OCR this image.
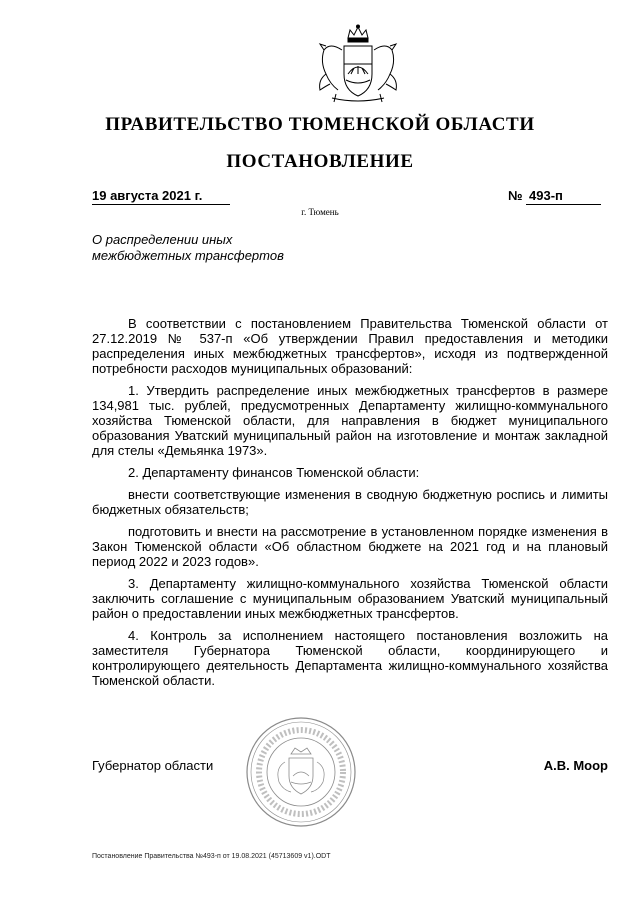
ПРАВИТЕЛЬСТВО ТЮМЕНСКОЙ ОБЛАСТИ
ПОСТАНОВЛЕНИЕ
19 августа 2021 г.	№ 493-п
г. Тюмень
О распределении иных
межбюджетных трансфертов

В соответствии с постановлением Правительства Тюменской области от 27.12.2019 № 537-п «Об утверждении Правил предоставления и методики распределения иных межбюджетных трансфертов», исходя из подтвержденной потребности расходов муниципальных образований:

1. Утвердить распределение иных межбюджетных трансфертов в размере 134,981 тыс. рублей, предусмотренных Департаменту жилищно-коммунального хозяйства Тюменской области, для направления в бюджет муниципального образования Уватский муниципальный район на изготовление и монтаж закладной для стелы «Демьянка 1973».

2. Департаменту финансов Тюменской области:

внести соответствующие изменения в сводную бюджетную роспись и лимиты бюджетных обязательств;

подготовить и внести на рассмотрение в установленном порядке изменения в Закон Тюменской области «Об областном бюджете на 2021 год и на плановый период 2022 и 2023 годов».

3. Департаменту жилищно-коммунального хозяйства Тюменской области заключить соглашение с муниципальным образованием Уватский муниципальный район о предоставлении иных межбюджетных трансфертов.

4. Контроль за исполнением настоящего постановления возложить на заместителя Губернатора Тюменской области, координирующего и контролирующего деятельность Департамента жилищно-коммунального хозяйства Тюменской области.

Губернатор области	А.В. Моор
Постановление Правительства №493-п от 19.08.2021 (45713609 v1).ODT
